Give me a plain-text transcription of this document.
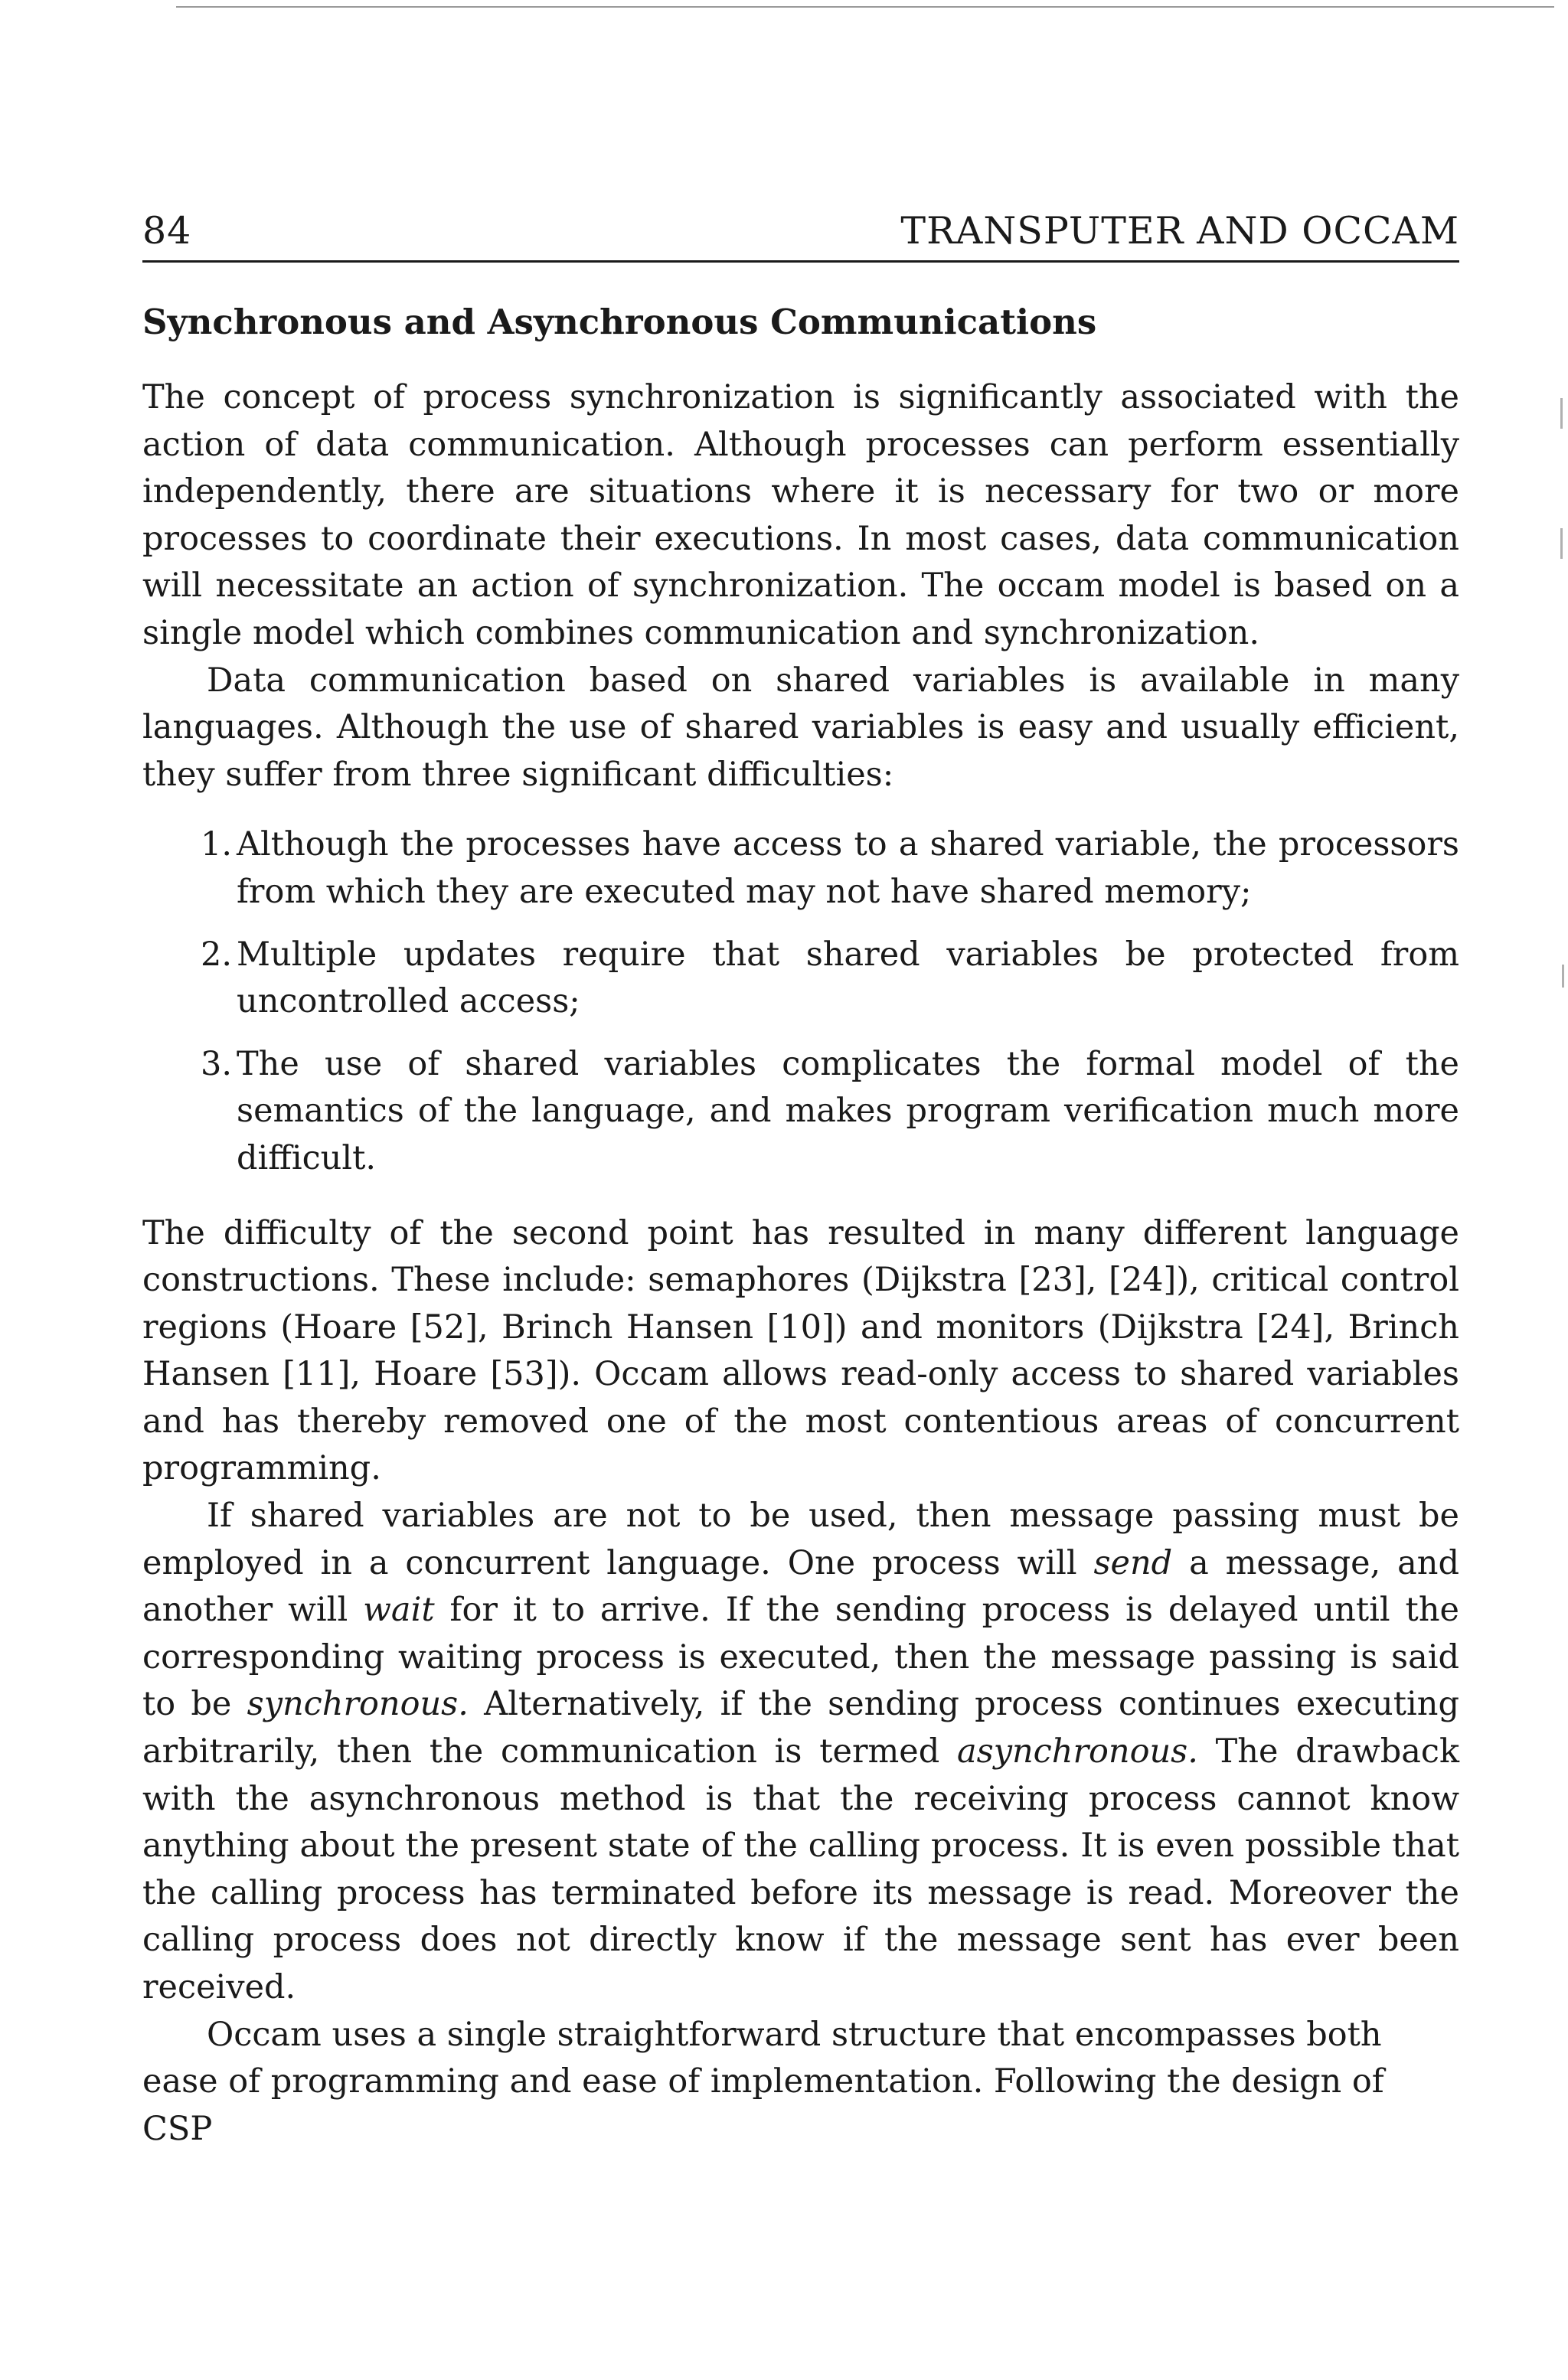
84	TRANSPUTER AND OCCAM
Synchronous and Asynchronous Communications

The concept of process synchronization is significantly associated with the action of data communication. Although processes can perform essentially independently, there are situations where it is necessary for two or more processes to coordinate their executions. In most cases, data communication will necessitate an action of synchronization. The occam model is based on a single model which combines communication and synchronization.

Data communication based on shared variables is available in many languages. Although the use of shared variables is easy and usually efficient, they suffer from three significant difficulties:

1. Although the processes have access to a shared variable, the processors from which they are executed may not have shared memory;
2. Multiple updates require that shared variables be protected from uncontrolled access;
3. The use of shared variables complicates the formal model of the semantics of the language, and makes program verification much more difficult.

The difficulty of the second point has resulted in many different language constructions. These include: semaphores (Dijkstra [23], [24]), critical control regions (Hoare [52], Brinch Hansen [10]) and monitors (Dijkstra [24], Brinch Hansen [11], Hoare [53]). Occam allows read-only access to shared variables and has thereby removed one of the most contentious areas of concurrent programming.

If shared variables are not to be used, then message passing must be employed in a concurrent language. One process will send a message, and another will wait for it to arrive. If the sending process is delayed until the corresponding waiting process is executed, then the message passing is said to be synchronous. Alternatively, if the sending process continues executing arbitrarily, then the communication is termed asynchronous. The drawback with the asynchronous method is that the receiving process cannot know anything about the present state of the calling process. It is even possible that the calling process has terminated before its message is read. Moreover the calling process does not directly know if the message sent has ever been received.

Occam uses a single straightforward structure that encompasses both ease of programming and ease of implementation. Following the design of CSP
